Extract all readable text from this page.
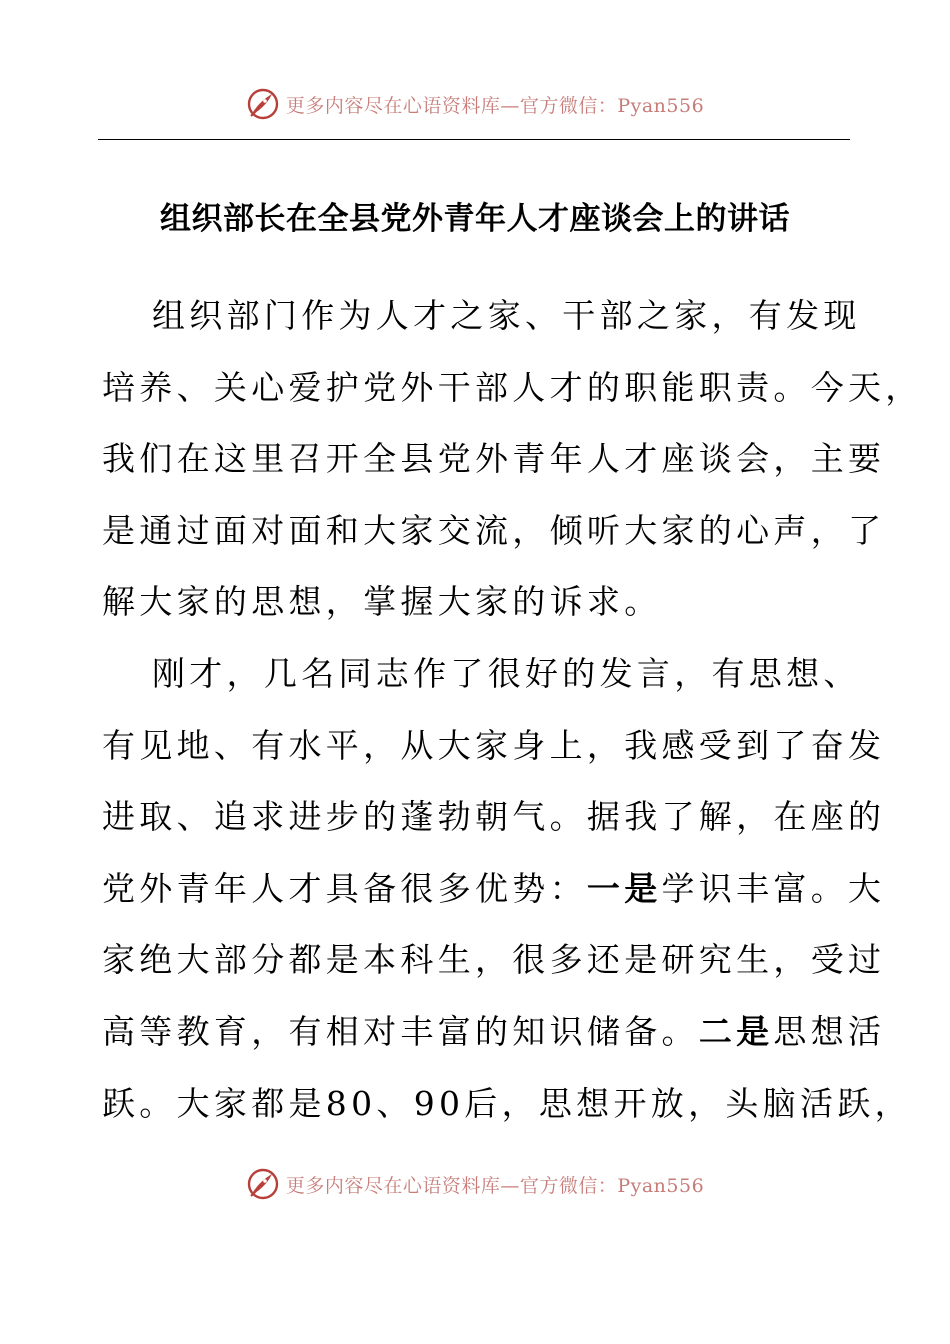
更多内容尽在心语资料库—官方微信：Pyan556
组织部长在全县党外青年人才座谈会上的讲话
组织部门作为人才之家、干部之家，有发现
培养、关心爱护党外干部人才的职能职责。今天，
我们在这里召开全县党外青年人才座谈会，主要
是通过面对面和大家交流，倾听大家的心声，了
解大家的思想，掌握大家的诉求。
刚才，几名同志作了很好的发言，有思想、
有见地、有水平，从大家身上，我感受到了奋发
进取、追求进步的蓬勃朝气。据我了解，在座的
党外青年人才具备很多优势：一是学识丰富。大
家绝大部分都是本科生，很多还是研究生，受过
高等教育，有相对丰富的知识储备。二是思想活
跃。大家都是80、90后，思想开放，头脑活跃，
更多内容尽在心语资料库—官方微信：Pyan556
